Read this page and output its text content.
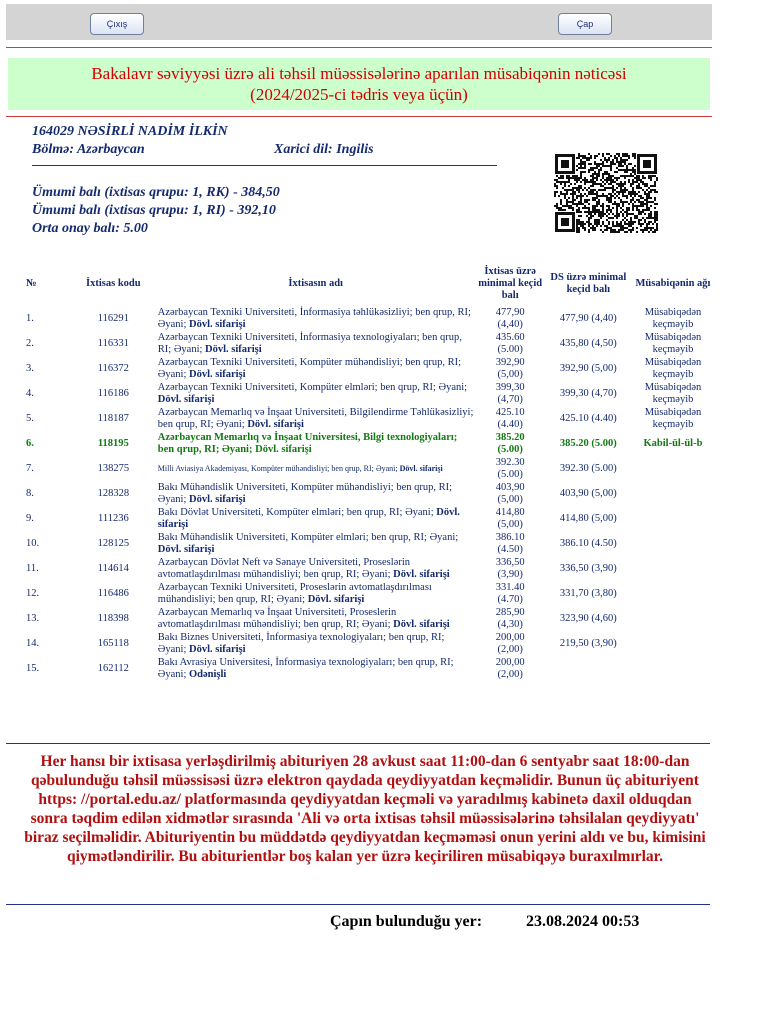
Çıxış	Çap
Bakalavr səviyyəsi üzrə ali təhsil müəssisələrinə aparılan müsabiqənin nəticəsi
(2024/2025-ci tədris veya üçün)
164029 NƏSİRLİ NADİM İLKİN
Bölmə: Azərbaycan	Xarici dil: Ingilis
Ümumi balı (ixtisas qrupu: 1, RK) - 384,50
Ümumi balı (ixtisas qrupu: 1, RI) - 392,10
Orta onay balı: 5.00
№	İxtisas kodu	İxtisasın adı	İxtisas üzrə minimal keçid balı	DS üzrə minimal keçid balı	Müsabiqənin ağı
1.	116291	Azərbaycan Texniki Universiteti, İnformasiya təhlükəsizliyi; ben qrup, RI; Əyani; Dövl. sifarişi	477,90
(4,40)	477,90 (4,40)	Müsabiqədən keçməyib
2.	116331	Azərbaycan Texniki Universiteti, İnformasiya texnologiyaları; ben qrup, RI; Əyani; Dövl. sifarişi	435.60
(5.00)	435,80 (4,50)	Müsabiqədən keçməyib
3.	116372	Azərbaycan Texniki Universiteti, Kompüter mühəndisliyi; ben qrup, RI; Əyani; Dövl. sifarişi	392,90
(5,00)	392,90 (5,00)	Müsabiqədən keçməyib
4.	116186	Azərbaycan Texniki Universiteti, Kompüter elmləri; ben qrup, RI; Əyani; Dövl. sifarişi	399,30
(4,70)	399,30 (4,70)	Müsabiqədən keçməyib
5.	118187	Azərbaycan Memarlıq və İnşaat Universiteti, Bilgilendirme Təhlükəsizliyi; ben qrup, RI; Əyani; Dövl. sifarişi	425.10
(4.40)	425.10 (4.40)	Müsabiqədən keçməyib
6.	118195	Azərbaycan Memarlıq və İnşaat Universitesi, Bilgi texnologiyaları; ben qrup, RI; Əyani; Dövl. sifarişi	385.20
(5.00)	385.20 (5.00)	Kabil-ül-ül-b
7.	138275	Milli Aviasiya Akademiyası, Kompüter mühəndisliyi; ben qrup, RI; Əyani; Dövl. sifarişi	392.30
(5.00)	392.30 (5.00)	
8.	128328	Bakı Mühəndislik Universiteti, Kompüter mühəndisliyi; ben qrup, RI; Əyani; Dövl. sifarişi	403,90
(5,00)	403,90 (5,00)	
9.	111236	Bakı Dövlət Universiteti, Kompüter elmləri; ben qrup, RI; Əyani; Dövl. sifarişi	414,80
(5,00)	414,80 (5,00)	
10.	128125	Bakı Mühəndislik Universiteti, Kompüter elmləri; ben qrup, RI; Əyani; Dövl. sifarişi	386.10
(4.50)	386.10 (4.50)	
11.	114614	Azərbaycan Dövlət Neft və Sənaye Universiteti, Proseslərin avtomatlaşdırılması mühəndisliyi; ben qrup, RI; Əyani; Dövl. sifarişi	336,50
(3,90)	336,50 (3,90)	
12.	116486	Azərbaycan Texniki Universiteti, Proseslərin avtomatlaşdırılması mühəndisliyi; ben qrup, RI; Əyani; Dövl. sifarişi	331.40
(4.70)	331,70 (3,80)	
13.	118398	Azərbaycan Memarlıq və İnşaat Universiteti, Proseslerin avtomatlaşdırılması mühəndisliyi; ben qrup, RI; Əyani; Dövl. sifarişi	285,90
(4,30)	323,90 (4,60)	
14.	165118	Bakı Biznes Universiteti, İnformasiya texnologiyaları; ben qrup, RI; Əyani; Dövl. sifarişi	200,00
(2,00)	219,50 (3,90)	
15.	162112	Bakı Avrasiya Universitesi, İnformasiya texnologiyaları; ben qrup, RI; Əyani; Odənişli	200,00
(2,00)		

Her hansı bir ixtisasa yerləşdirilmiş abituriyen 28 avkust saat 11:00-dan 6 sentyabr saat 18:00-dan qəbulunduğu təhsil müəssisəsi üzrə elektron qaydada qeydiyyatdan keçməlidir. Bunun üç abituriyent https: //portal.edu.az/ platformasında qeydiyyatdan keçməli və yaradılmış kabinetə daxil olduqdan sonra təqdim edilən xidmətlər sırasında 'Ali və orta ixtisas təhsil müəssisələrinə təhsilalan qeydiyyatı' biraz seçilməlidir. Abituriyentin bu müddətdə qeydiyyatdan keçməməsi onun yerini aldı ve bu, kimisini qiymətləndirilir. Bu abiturientlər boş kalan yer üzrə keçiriliren müsabiqəyə buraxılmırlar.
Çapın bulunduğu yer:	23.08.2024 00:53
